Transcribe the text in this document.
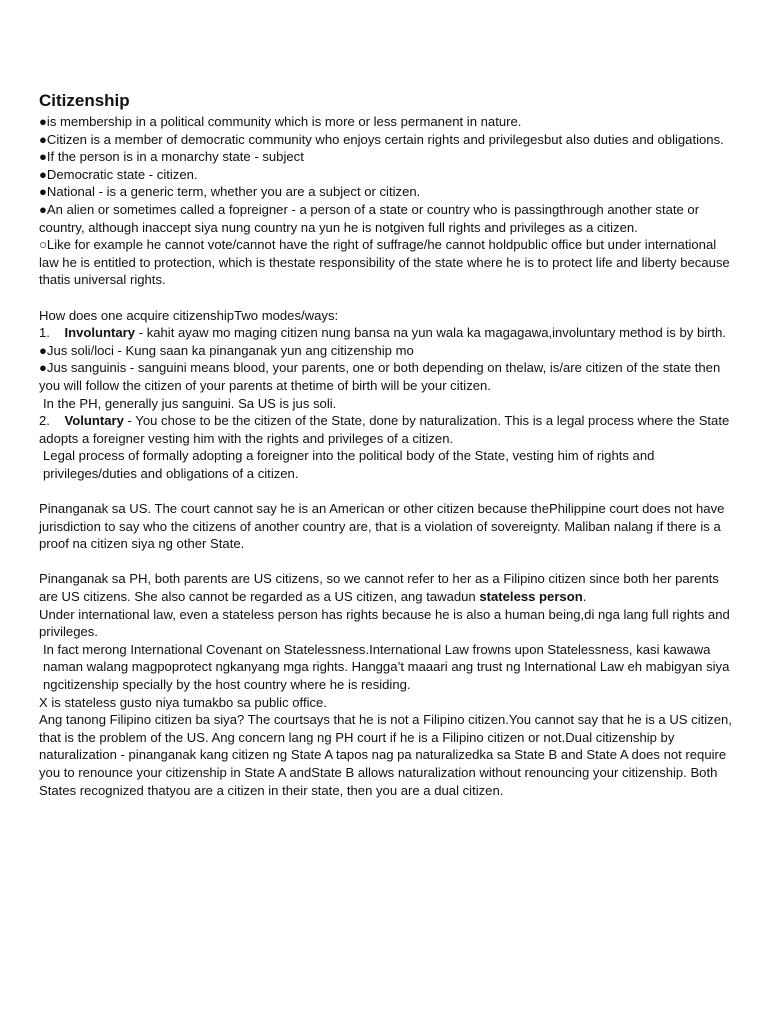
Citizenship

●is membership in a political community which is more or less permanent in nature.

●Citizen is a member of democratic community who enjoys certain rights and privilegesbut also duties and obligations.

●If the person is in a monarchy state - subject

●Democratic state - citizen.

●National - is a generic term, whether you are a subject or citizen.

●An alien or sometimes called a fopreigner - a person of a state or country who is passingthrough another state or country, although inaccept siya nung country na yun he is notgiven full rights and privileges as a citizen.

○Like for example he cannot vote/cannot have the right of suffrage/he cannot holdpublic office but under international law he is entitled to protection, which is thestate responsibility of the state where he is to protect life and liberty because thatis universal rights.

How does one acquire citizenshipTwo modes/ways:

1. Involuntary - kahit ayaw mo maging citizen nung bansa na yun wala ka magagawa,involuntary method is by birth.

●Jus soli/loci - Kung saan ka pinanganak yun ang citizenship mo

●Jus sanguinis - sanguini means blood, your parents, one or both depending on thelaw, is/are citizen of the state then you will follow the citizen of your parents at thetime of birth will be your citizen.

In the PH, generally jus sanguini. Sa US is jus soli.

2. Voluntary - You chose to be the citizen of the State, done by naturalization. This is a legal process where the State adopts a foreigner vesting him with the rights and privileges of a citizen.

Legal process of formally adopting a foreigner into the political body of the State, vesting him of rights and privileges/duties and obligations of a citizen.

Pinanganak sa US. The court cannot say he is an American or other citizen because thePhilippine court does not have jurisdiction to say who the citizens of another country are, that is a violation of sovereignty. Maliban nalang if there is a proof na citizen siya ng other State.

Pinanganak sa PH, both parents are US citizens, so we cannot refer to her as a Filipino citizen since both her parents are US citizens. She also cannot be regarded as a US citizen, ang tawadun stateless person.

Under international law, even a stateless person has rights because he is also a human being,di nga lang full rights and privileges.

In fact merong International Covenant on Statelessness.International Law frowns upon Statelessness, kasi kawawa naman walang magpoprotect ngkanyang mga rights. Hangga’t maaari ang trust ng International Law eh mabigyan siya ngcitizenship specially by the host country where he is residing.

X is stateless gusto niya tumakbo sa public office.

Ang tanong Filipino citizen ba siya? The courtsays that he is not a Filipino citizen.You cannot say that he is a US citizen, that is the problem of the US. Ang concern lang ng PH court if he is a Filipino citizen or not.Dual citizenship by naturalization - pinanganak kang citizen ng State A tapos nag pa naturalizedka sa State B and State A does not require you to renounce your citizenship in State A andState B allows naturalization without renouncing your citizenship. Both States recognized thatyou are a citizen in their state, then you are a dual citizen.
